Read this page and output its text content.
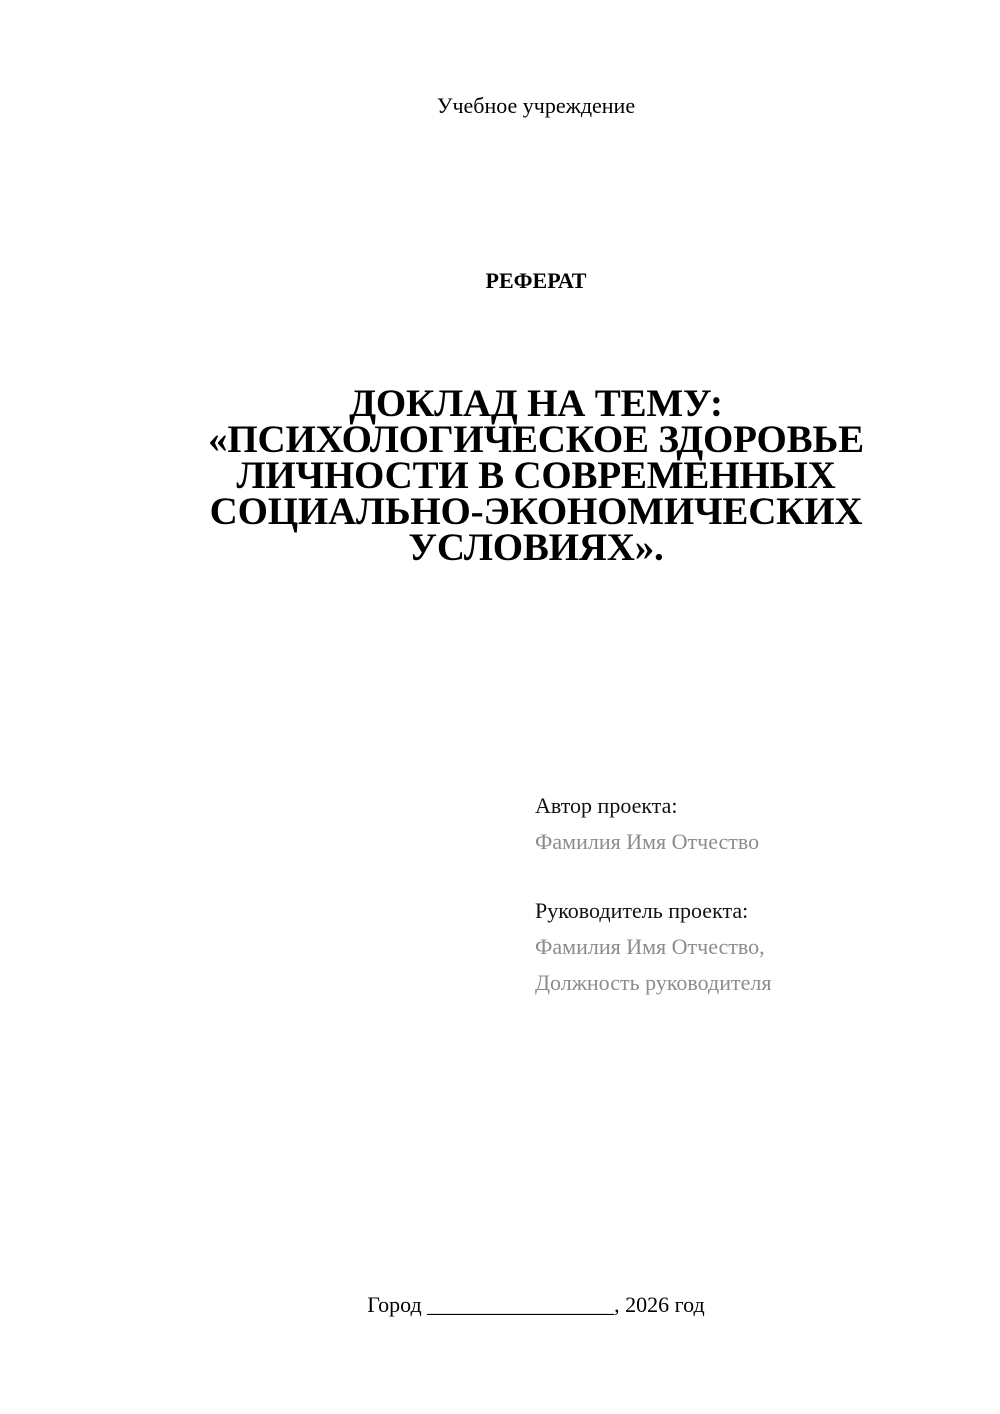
Учебное учреждение
РЕФЕРАТ
ДОКЛАД НА ТЕМУ:
«ПСИХОЛОГИЧЕСКОЕ ЗДОРОВЬЕ
ЛИЧНОСТИ В СОВРЕМЕННЫХ
СОЦИАЛЬНО-ЭКОНОМИЧЕСКИХ
УСЛОВИЯХ».
Автор проекта:
Фамилия Имя Отчество
Руководитель проекта:
Фамилия Имя Отчество,
Должность руководителя
Город _________________, 2026 год
